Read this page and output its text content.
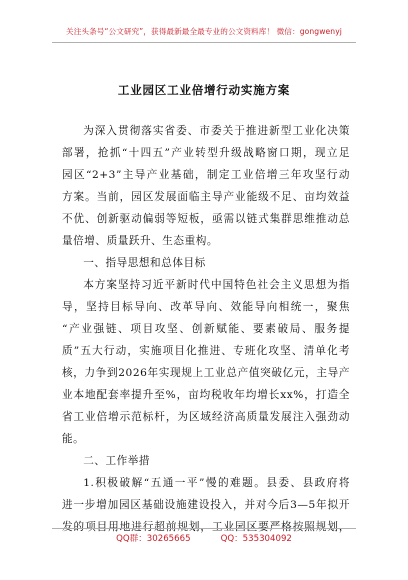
关注头条号“公文研究”，获得最新最全最专业的公文资料库！ 微信：gongwenyj
工业园区工业倍增行动实施方案
为深入贯彻落实省委、市委关于推进新型工业化决策
部署，抢抓“十四五”产业转型升级战略窗口期，现立足
园区“2+3”主导产业基础，制定工业倍增三年攻坚行动
方案。当前，园区发展面临主导产业能级不足、亩均效益
不优、创新驱动偏弱等短板，亟需以链式集群思维推动总
量倍增、质量跃升、生态重构。
一、指导思想和总体目标
本方案坚持习近平新时代中国特色社会主义思想为指
导，坚持目标导向、改革导向、效能导向相统一，聚焦
“产业强链、项目攻坚、创新赋能、要素破局、服务提
质”五大行动，实施项目化推进、专班化攻坚、清单化考
核，力争到2026年实现规上工业总产值突破亿元，主导产
业本地配套率提升至%，亩均税收年均增长xx%，打造全
省工业倍增示范标杆，为区域经济高质量发展注入强劲动
能。
二、工作举措
1.积极破解“五通一平”慢的难题。县委、县政府将
进一步增加园区基础设施建设投入，并对今后3—5年拟开
发的项目用地进行超前规划，工业园区要严格按照规划，
QQ群：30265665	QQ：535304092
